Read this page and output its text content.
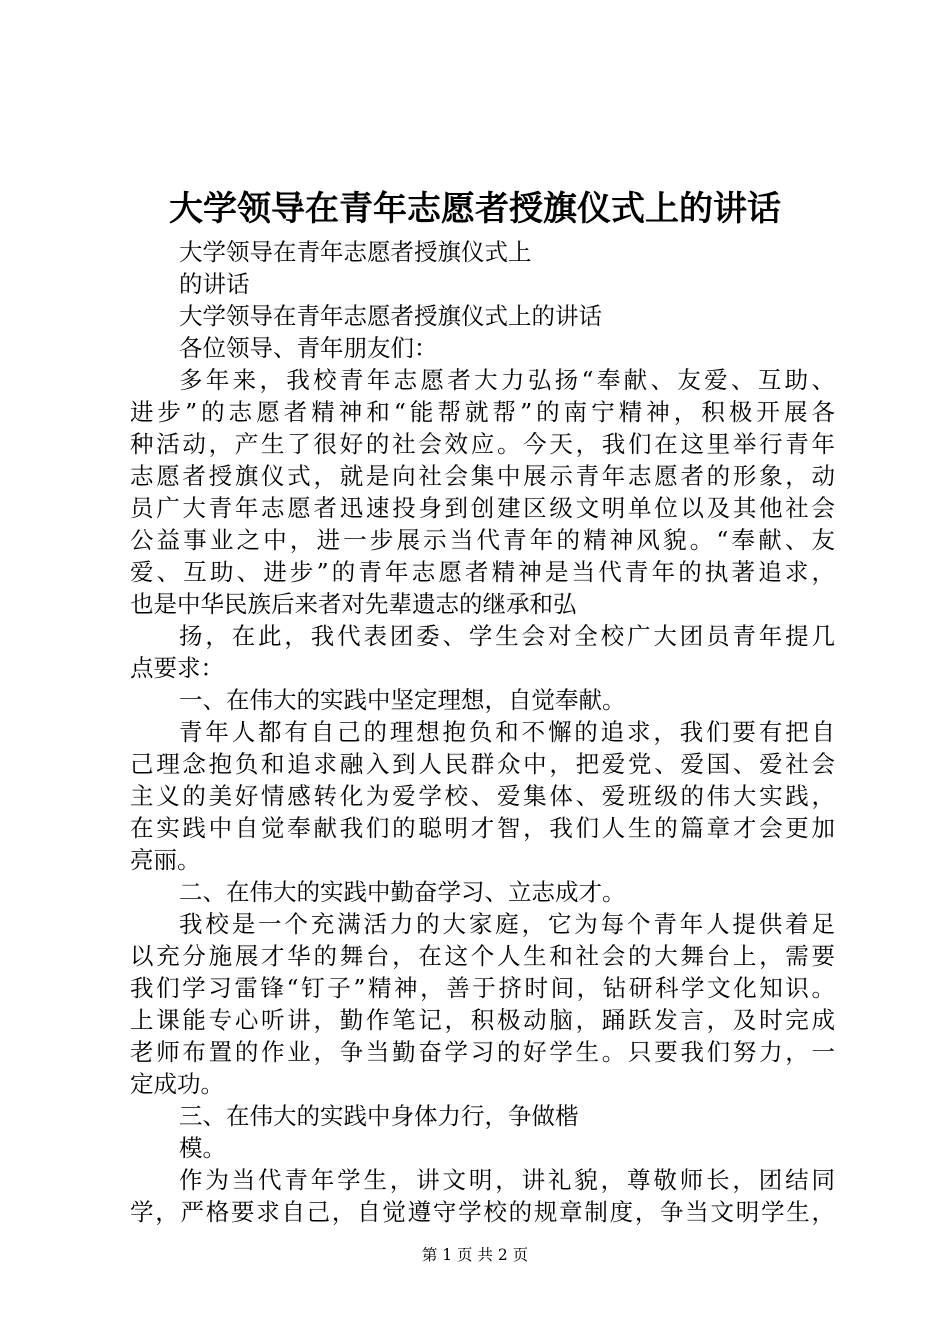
大学领导在青年志愿者授旗仪式上的讲话
大学领导在青年志愿者授旗仪式上
的讲话
大学领导在青年志愿者授旗仪式上的讲话
各位领导、青年朋友们：
多年来，我校青年志愿者大力弘扬“奉献、友爱、互助、
进步”的志愿者精神和“能帮就帮”的南宁精神，积极开展各
种活动，产生了很好的社会效应。今天，我们在这里举行青年
志愿者授旗仪式，就是向社会集中展示青年志愿者的形象，动
员广大青年志愿者迅速投身到创建区级文明单位以及其他社会
公益事业之中，进一步展示当代青年的精神风貌。“奉献、友
爱、互助、进步”的青年志愿者精神是当代青年的执著追求，
也是中华民族后来者对先辈遗志的继承和弘
扬，在此，我代表团委、学生会对全校广大团员青年提几
点要求：
一、在伟大的实践中坚定理想，自觉奉献。
青年人都有自己的理想抱负和不懈的追求，我们要有把自
己理念抱负和追求融入到人民群众中，把爱党、爱国、爱社会
主义的美好情感转化为爱学校、爱集体、爱班级的伟大实践，
在实践中自觉奉献我们的聪明才智，我们人生的篇章才会更加
亮丽。
二、在伟大的实践中勤奋学习、立志成才。
我校是一个充满活力的大家庭，它为每个青年人提供着足
以充分施展才华的舞台，在这个人生和社会的大舞台上，需要
我们学习雷锋“钉子”精神，善于挤时间，钻研科学文化知识。
上课能专心听讲，勤作笔记，积极动脑，踊跃发言，及时完成
老师布置的作业，争当勤奋学习的好学生。只要我们努力，一
定成功。
三、在伟大的实践中身体力行，争做楷
模。
作为当代青年学生，讲文明，讲礼貌，尊敬师长，团结同
学，严格要求自己，自觉遵守学校的规章制度，争当文明学生，
第 1 页 共 2 页
